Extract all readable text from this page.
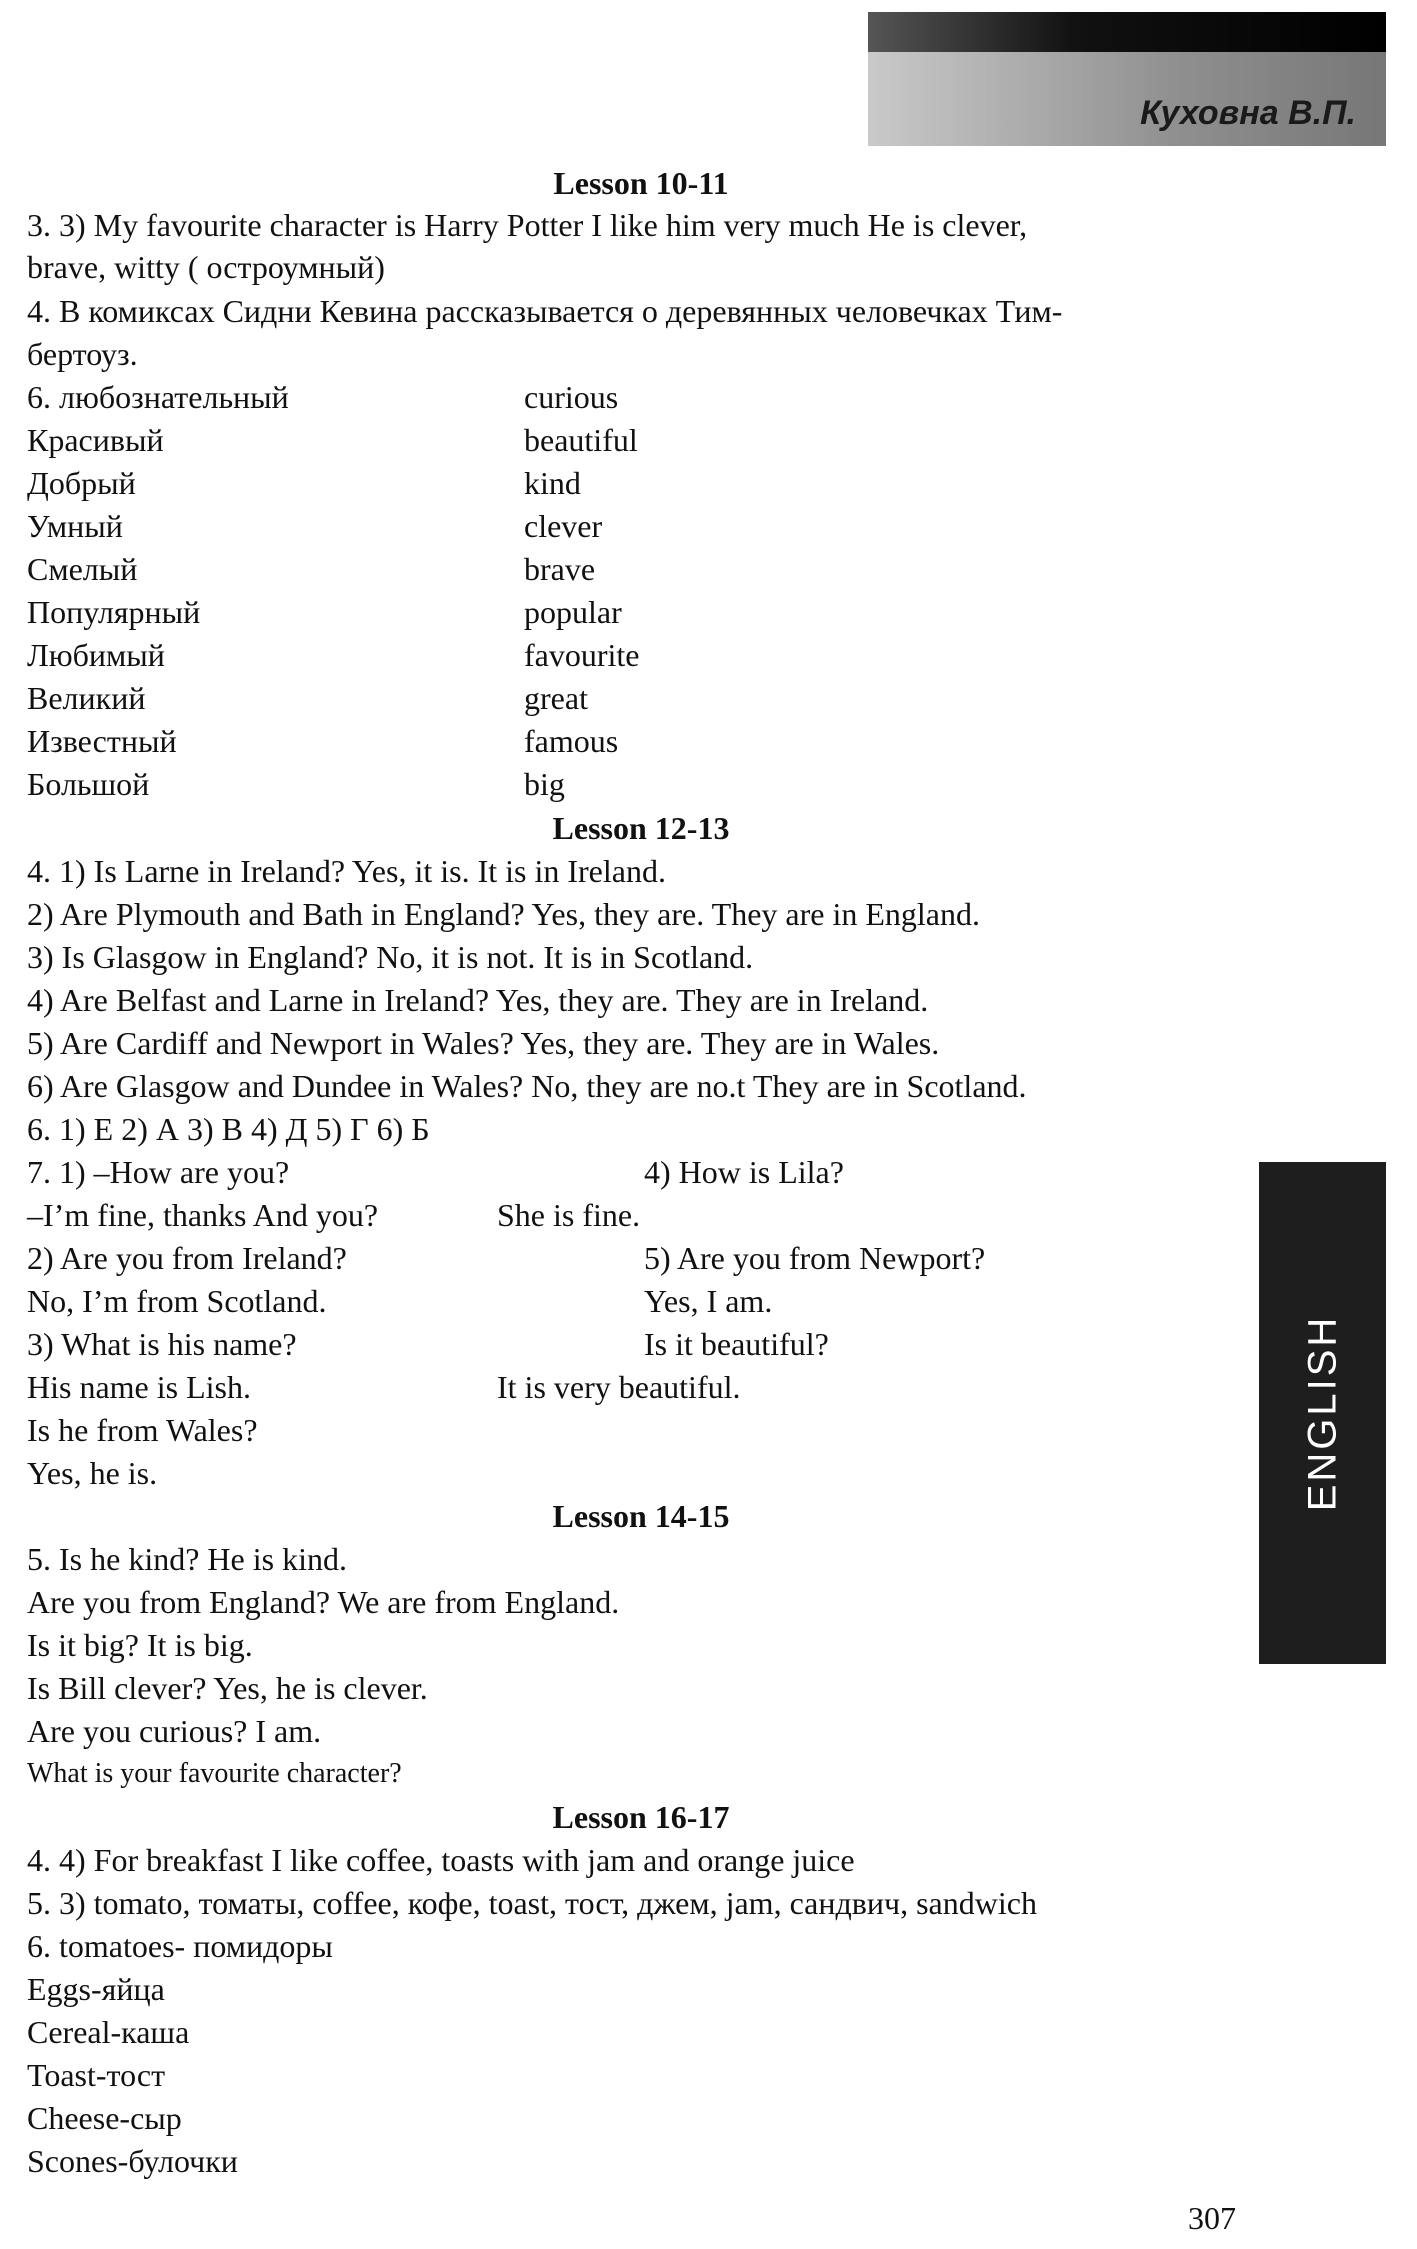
Куховна В.П.
Lesson 10-11
3. 3) My favourite character is Harry Potter I like him very much He is clever,
brave, witty ( остроумный)
4. В комиксах Сидни Кевина рассказывается о деревянных человечках Тим-
бертоуз.
6. любознательный	curious
Красивый	beautiful
Добрый	kind
Умный	clever
Смелый	brave
Популярный	popular
Любимый	favourite
Великий	great
Известный	famous
Большой	big
Lesson 12-13
4. 1) Is Larne in Ireland? Yes, it is. It is in Ireland.
2) Are Plymouth and Bath in England? Yes, they are. They are in England.
3) Is Glasgow in England? No, it is not. It is in Scotland.
4) Are Belfast and Larne in Ireland? Yes, they are. They are in Ireland.
5) Are Cardiff and Newport in Wales? Yes, they are. They are in Wales.
6) Are Glasgow and Dundee in Wales? No, they are no.t They are in Scotland.
6. 1) Е 2) А 3) В 4) Д 5) Г 6) Б
7. 1) –How are you?	4) How is Lila?
–I’m fine, thanks And you?	She is fine.
2) Are you from Ireland?	5) Are you from Newport?
No, I’m from Scotland.	Yes, I am.
3) What is his name?	Is it beautiful?
His name is Lish.	It is very beautiful.
Is he from Wales?
Yes, he is.
Lesson 14-15
5. Is he kind? He is kind.
Are you from England? We are from England.
Is it big? It is big.
Is Bill clever? Yes, he is clever.
Are you curious? I am.
What is your favourite character?
Lesson 16-17
4. 4) For breakfast I like coffee, toasts with jam and orange juice
5. 3) tomato, томаты, coffee, кофе, toast, тост, джем, jam, сандвич, sandwich
6. tomatoes- помидоры
Eggs-яйца
Cereal-каша
Toast-тост
Cheese-сыр
Scones-булочки
ENGLISH
307
